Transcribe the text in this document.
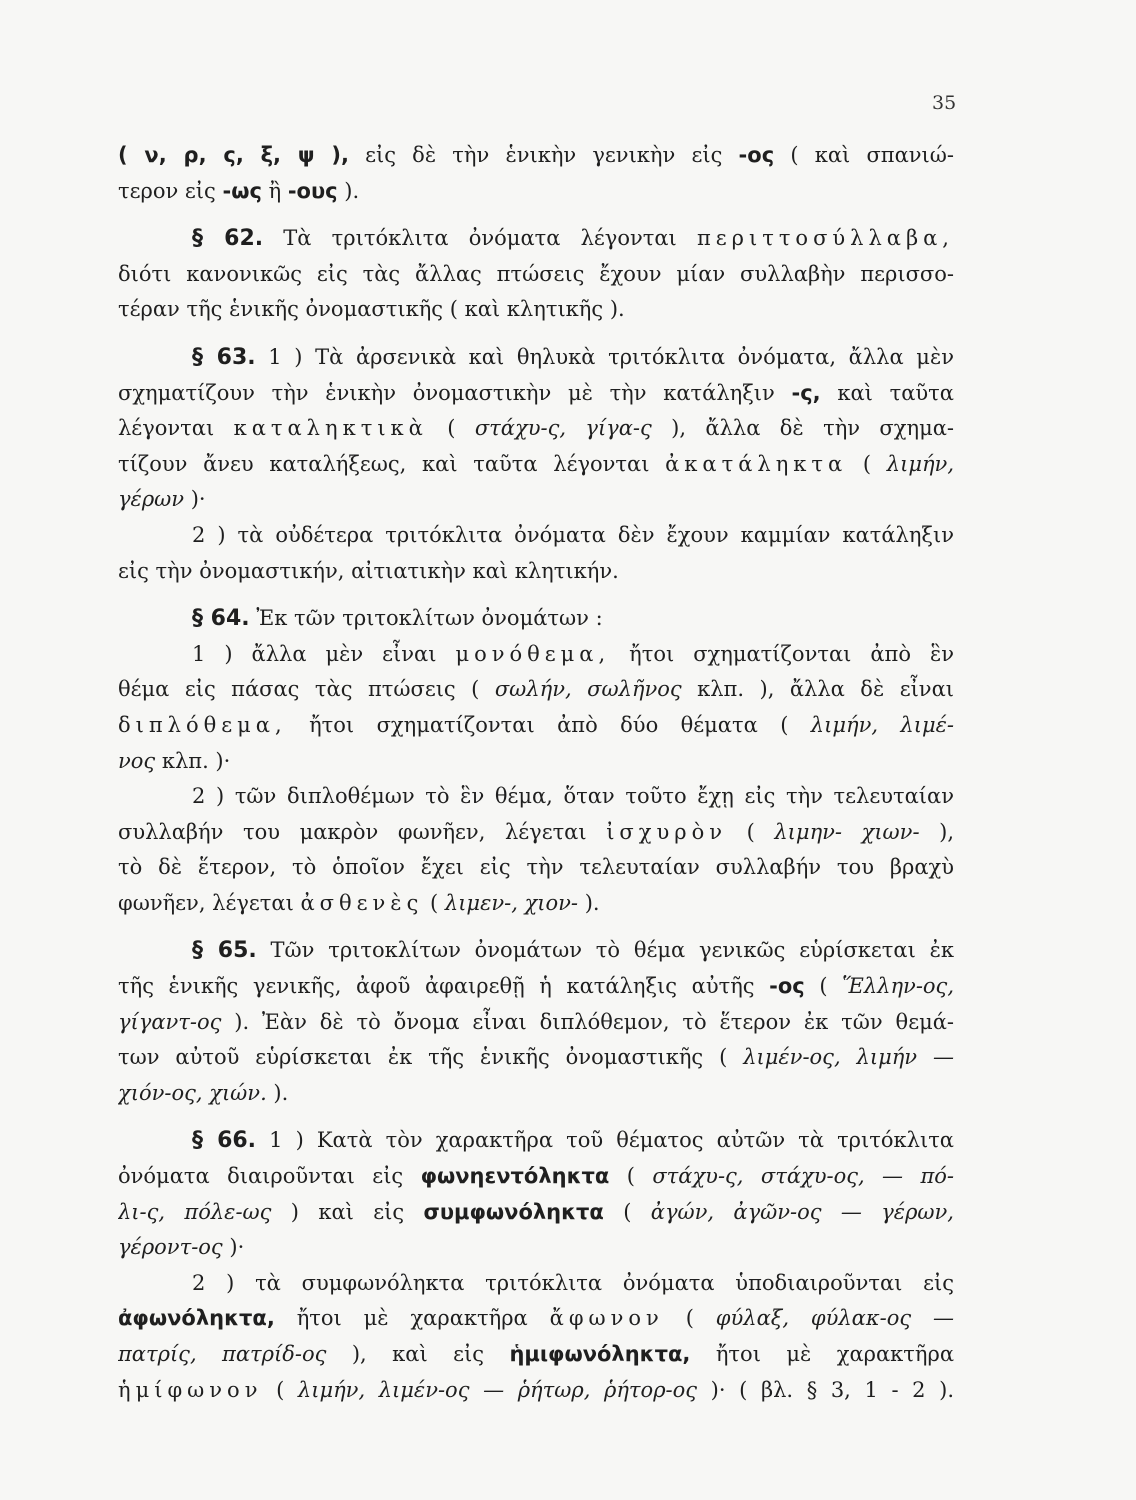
35
( ν, ρ, ς, ξ, ψ ), εἰς δὲ τὴν ἑνικὴν γενικὴν εἰς -ος ( καὶ σπανιώ-
τερον εἰς -ως ἢ -ους ).
§ 62. Τὰ τριτόκλιτα ὀνόματα λέγονται περιττοσύλλαβα,
διότι κανονικῶς εἰς τὰς ἄλλας πτώσεις ἔχουν μίαν συλλαβὴν περισσο-
τέραν τῆς ἑνικῆς ὀνομαστικῆς ( καὶ κλητικῆς ).
§ 63. 1 ) Τὰ ἀρσενικὰ καὶ θηλυκὰ τριτόκλιτα ὀνόματα, ἄλλα μὲν
σχηματίζουν τὴν ἑνικὴν ὀνομαστικὴν μὲ τὴν κατάληξιν -ς, καὶ ταῦτα
λέγονται καταληκτικὰ ( στάχυ-ς, γίγα-ς ), ἄλλα δὲ τὴν σχημα-
τίζουν ἄνευ καταλήξεως, καὶ ταῦτα λέγονται ἀκατάληκτα ( λιμήν,
γέρων )·
2 ) τὰ οὐδέτερα τριτόκλιτα ὀνόματα δὲν ἔχουν καμμίαν κατάληξιν
εἰς τὴν ὀνομαστικήν, αἰτιατικὴν καὶ κλητικήν.
§ 64. Ἐκ τῶν τριτοκλίτων ὀνομάτων :
1 ) ἄλλα μὲν εἶναι μονόθεμα, ἤτοι σχηματίζονται ἀπὸ ἓν
θέμα εἰς πάσας τὰς πτώσεις ( σωλήν, σωλῆνος κλπ. ), ἄλλα δὲ εἶναι
διπλόθεμα, ἤτοι σχηματίζονται ἀπὸ δύο θέματα ( λιμήν, λιμέ-
νος κλπ. )·
2 ) τῶν διπλοθέμων τὸ ἓν θέμα, ὅταν τοῦτο ἔχῃ εἰς τὴν τελευταίαν
συλλαβήν του μακρὸν φωνῆεν, λέγεται ἰσχυρὸν ( λιμην- χιων- ),
τὸ δὲ ἕτερον, τὸ ὁποῖον ἔχει εἰς τὴν τελευταίαν συλλαβήν του βραχὺ
φωνῆεν, λέγεται ἀσθενὲς ( λιμεν-, χιον- ).
§ 65. Τῶν τριτοκλίτων ὀνομάτων τὸ θέμα γενικῶς εὑρίσκεται ἐκ
τῆς ἑνικῆς γενικῆς, ἀφοῦ ἀφαιρεθῇ ἡ κατάληξις αὐτῆς -ος ( Ἕλλην-ος,
γίγαντ-ος ). Ἐὰν δὲ τὸ ὄνομα εἶναι διπλόθεμον, τὸ ἕτερον ἐκ τῶν θεμά-
των αὐτοῦ εὑρίσκεται ἐκ τῆς ἑνικῆς ὀνομαστικῆς ( λιμέν-ος, λιμήν —
χιόν-ος, χιών. ).
§ 66. 1 ) Κατὰ τὸν χαρακτῆρα τοῦ θέματος αὐτῶν τὰ τριτόκλιτα
ὀνόματα διαιροῦνται εἰς φωνηεντόληκτα ( στάχυ-ς, στάχυ-ος, — πό-
λι-ς, πόλε-ως ) καὶ εἰς συμφωνόληκτα ( ἀγών, ἀγῶν-ος — γέρων,
γέροντ-ος )·
2 ) τὰ συμφωνόληκτα τριτόκλιτα ὀνόματα ὑποδιαιροῦνται εἰς
ἀφωνόληκτα, ἤτοι μὲ χαρακτῆρα ἄφωνον ( φύλαξ, φύλακ-ος —
πατρίς, πατρίδ-ος ), καὶ εἰς ἡμιφωνόληκτα, ἤτοι μὲ χαρακτῆρα
ἡμίφωνον ( λιμήν, λιμέν-ος — ῥήτωρ, ῥήτορ-ος )· ( βλ. § 3, 1 - 2 ).
